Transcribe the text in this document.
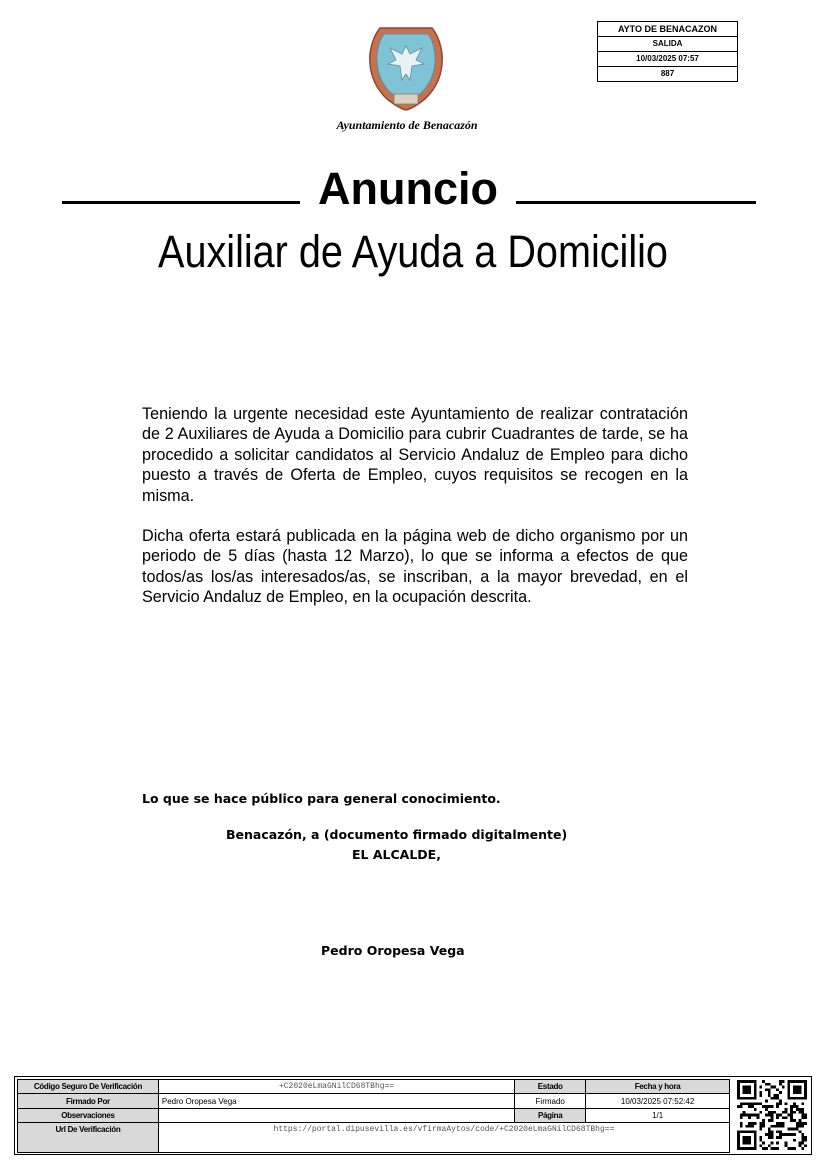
AYTO DE BENACAZON
SALIDA
10/03/2025 07:57
887
Ayuntamiento de Benacazón
Anuncio
Auxiliar de Ayuda a Domicilio
Teniendo la urgente necesidad este Ayuntamiento de realizar contratación de 2 Auxiliares de Ayuda a Domicilio para cubrir Cuadrantes de tarde, se ha procedido a solicitar candidatos al Servicio Andaluz de Empleo para dicho puesto a través de Oferta de Empleo, cuyos requisitos se recogen en la misma.
Dicha oferta estará publicada en la página web de dicho organismo por un periodo de 5 días (hasta 12 Marzo), lo que se informa a efectos de que todos/as los/as interesados/as, se inscriban, a la mayor brevedad, en el Servicio Andaluz de Empleo, en la ocupación descrita.
Lo que se hace público para general conocimiento.
Benacazón, a (documento firmado digitalmente)
EL ALCALDE,
Pedro Oropesa Vega
Código Seguro De Verificación	+C2020eLmaGNilCD68TBhg==	Estado	Fecha y hora
Firmado Por	Pedro Oropesa Vega	Firmado	10/03/2025 07:52:42
Observaciones		Página	1/1
Url De Verificación	https://portal.dipusevilla.es/vfirmaAytos/code/+C2020eLmaGNilCD68TBhg==		
